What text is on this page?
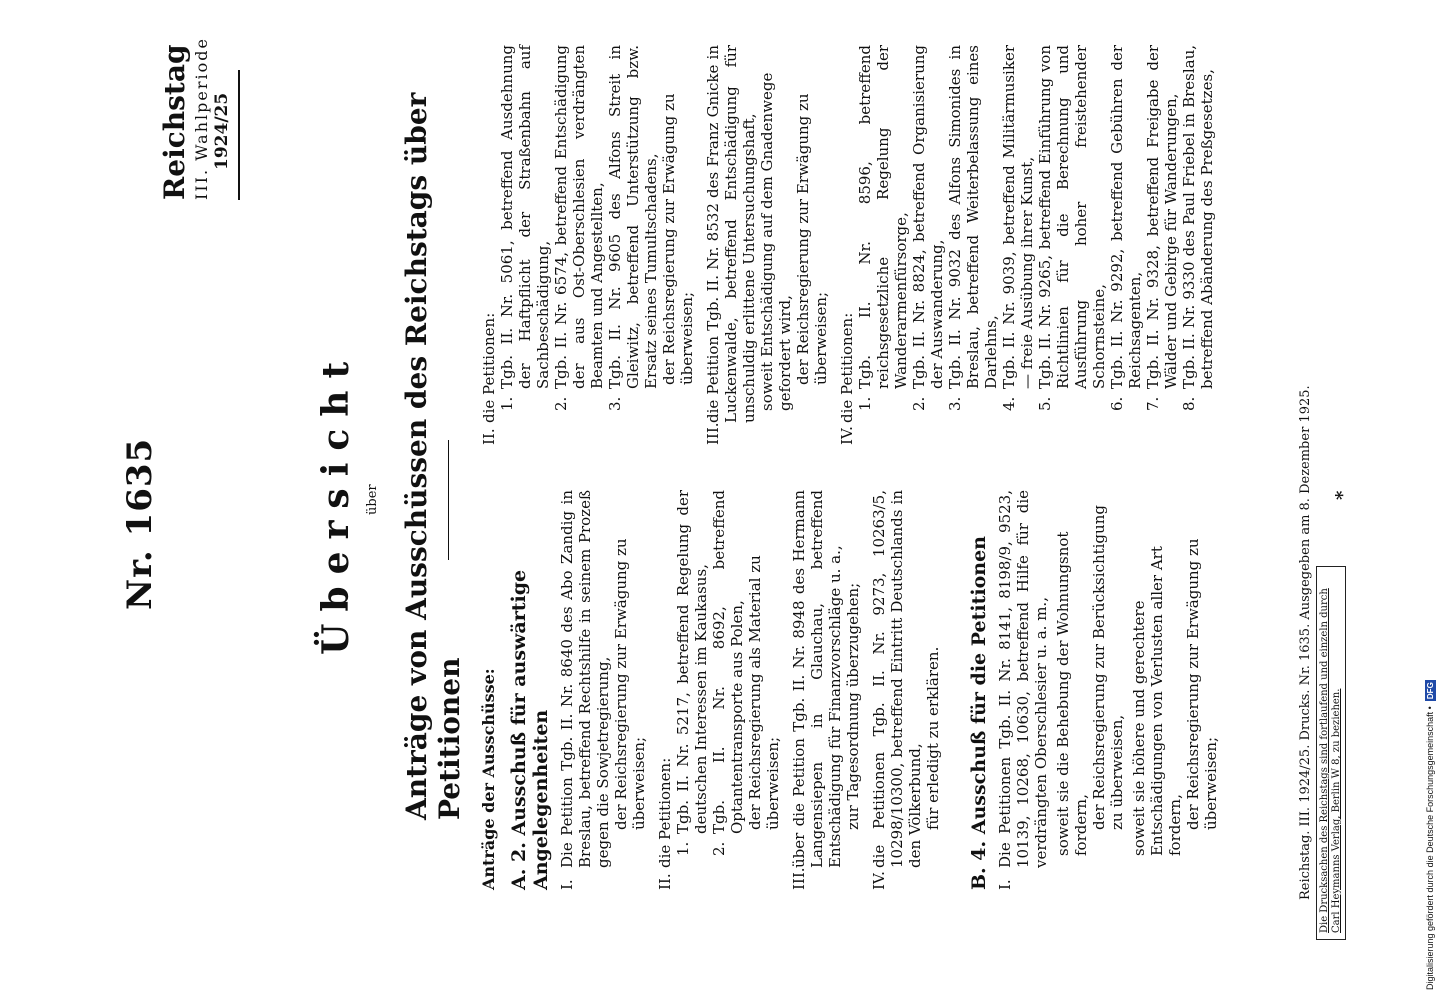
Nr. 1635
Reichstag III. Wahlperiode 1924/25
Übersicht über Anträge von Ausschüssen des Reichstags über Petitionen Anträge der Ausschüsse: A. 2. Ausschuß für auswärtige Angelegenheiten I.
Die Petition Tgb. II. Nr. 8640 des Abo Zandig in Breslau, betreffend Rechtshilfe in seinem Prozeß gegen die Sowjetregierung, der Reichsregierung zur Erwägung zu überweisen;

II.
die Petitionen: 1.
Tgb. II. Nr. 5217, betreffend Regelung der deutschen Interessen im Kaukasus,
2.
Tgb. II. Nr. 8692, betreffend Optantentransporte aus Polen, der Reichsregierung als Material zu überweisen;

III.
über die Petition Tgb. II. Nr. 8948 des Hermann Langensiepen in Glauchau, betreffend Entschädigung für Finanzvorschläge u. a., zur Tagesordnung überzugehen;

IV.
die Petitionen Tgb. II. Nr. 9273, 10263/5, 10298/10300, betreffend Eintritt Deutschlands in den Völkerbund, für erledigt zu erklären. B. 4. Ausschuß für die Petitionen I.
Die Petitionen Tgb. II. Nr. 8141, 8198/9, 9523, 10139, 10268, 10630, betreffend Hilfe für die verdrängten Oberschlesier u. a. m., soweit sie die Behebung der Wohnungsnot fordern, der Reichsregierung zur Berücksichtigung zu überweisen, soweit sie höhere und gerechtere Entschädigungen von Verlusten aller Art fordern, der Reichsregierung zur Erwägung zu überweisen;

II.
die Petitionen: 1.
Tgb. II. Nr. 5061, betreffend Ausdehnung der Haftpflicht der Straßenbahn auf Sachbeschädigung,
2.
Tgb. II. Nr. 6574, betreffend Entschädigung der aus Ost-Oberschlesien verdrängten Beamten und Angestellten,
3.
Tgb. II. Nr. 9605 des Alfons Streit in Gleiwitz, betreffend Unterstützung bzw. Ersatz seines Tumultschadens, der Reichsregierung zur Erwägung zu überweisen;

III.
die Petition Tgb. II. Nr. 8532 des Franz Gnicke in Luckenwalde, betreffend Entschädigung für unschuldig erlittene Untersuchungshaft, soweit Entschädigung auf dem Gnadenwege gefordert wird, der Reichsregierung zur Erwägung zu überweisen;

IV.
die Petitionen: 1.
Tgb. II. Nr. 8596, betreffend reichsgesetzliche Regelung der Wanderarmenfürsorge,
2.
Tgb. II. Nr. 8824, betreffend Organisierung der Auswanderung,
3.
Tgb. II. Nr. 9032 des Alfons Simonides in Breslau, betreffend Weiterbelassung eines Darlehns,
4.
Tgb. II. Nr. 9039, betreffend Militärmusiker — freie Ausübung ihrer Kunst,
5.
Tgb. II. Nr. 9265, betreffend Einführung von Richtlinien für die Berechnung und Ausführung hoher freistehender Schornsteine,
6.
Tgb. II. Nr. 9292, betreffend Gebühren der Reichsagenten,
7.
Tgb. II. Nr. 9328, betreffend Freigabe der Wälder und Gebirge für Wanderungen,
8.
Tgb. II. Nr. 9330 des Paul Friebel in Breslau, betreffend Abänderung des Preßgesetzes,
Reichstag. III. 1924/25. Drucks. Nr. 1635. Ausgegeben am 8. Dezember 1925. Die Drucksachen des Reichstags sind fortlaufend und einzeln durch Carl Heymanns Verlag, Berlin W 8, zu beziehen.
*
Digitalisierung gefördert durch die Deutsche Forschungsgemeinschaft • DFG
